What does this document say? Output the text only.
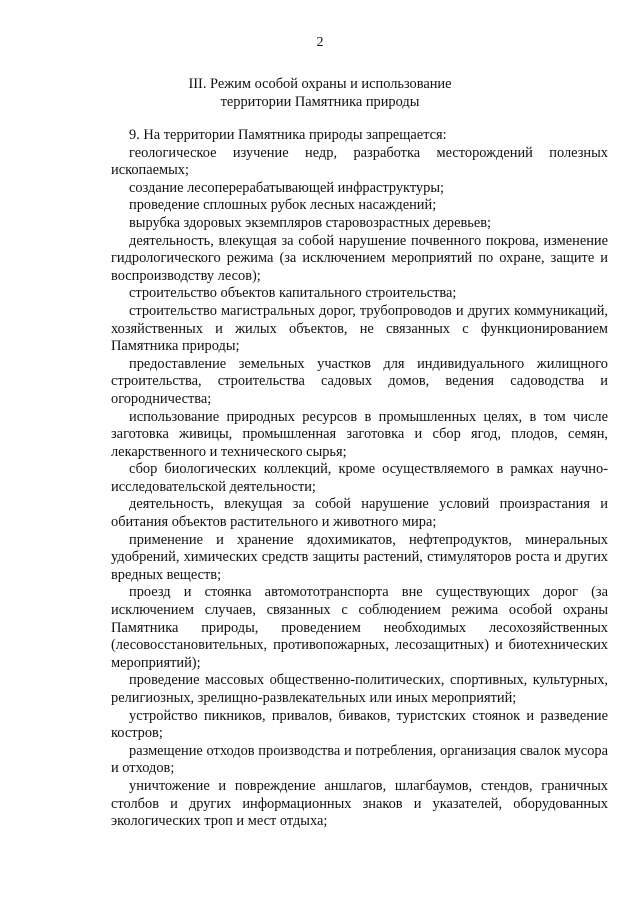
2
III. Режим особой охраны и использование
территории Памятника природы

9. На территории Памятника природы запрещается:

геологическое изучение недр, разработка месторождений полезных ископаемых;

создание лесоперерабатывающей инфраструктуры;

проведение сплошных рубок лесных насаждений;

вырубка здоровых экземпляров старовозрастных деревьев;

деятельность, влекущая за собой нарушение почвенного покрова, изменение гидрологического режима (за исключением мероприятий по охране, защите и воспроизводству лесов);

строительство объектов капитального строительства;

строительство магистральных дорог, трубопроводов и других коммуникаций, хозяйственных и жилых объектов, не связанных с функционированием Памятника природы;

предоставление земельных участков для индивидуального жилищного строительства, строительства садовых домов, ведения садоводства и огородничества;

использование природных ресурсов в промышленных целях, в том числе заготовка живицы, промышленная заготовка и сбор ягод, плодов, семян, лекарственного и технического сырья;

сбор биологических коллекций, кроме осуществляемого в рамках научно-исследовательской деятельности;

деятельность, влекущая за собой нарушение условий произрастания и обитания объектов растительного и животного мира;

применение и хранение ядохимикатов, нефтепродуктов, минеральных удобрений, химических средств защиты растений, стимуляторов роста и других вредных веществ;

проезд и стоянка автомототранспорта вне существующих дорог (за исключением случаев, связанных с соблюдением режима особой охраны Памятника природы, проведением необходимых лесохозяйственных (лесовосстановительных, противопожарных, лесозащитных) и биотехнических мероприятий);

проведение массовых общественно-политических, спортивных, культурных, религиозных, зрелищно-развлекательных или иных мероприятий;

устройство пикников, привалов, биваков, туристских стоянок и разведение костров;

размещение отходов производства и потребления, организация свалок мусора и отходов;

уничтожение и повреждение аншлагов, шлагбаумов, стендов, граничных столбов и других информационных знаков и указателей, оборудованных экологических троп и мест отдыха;
